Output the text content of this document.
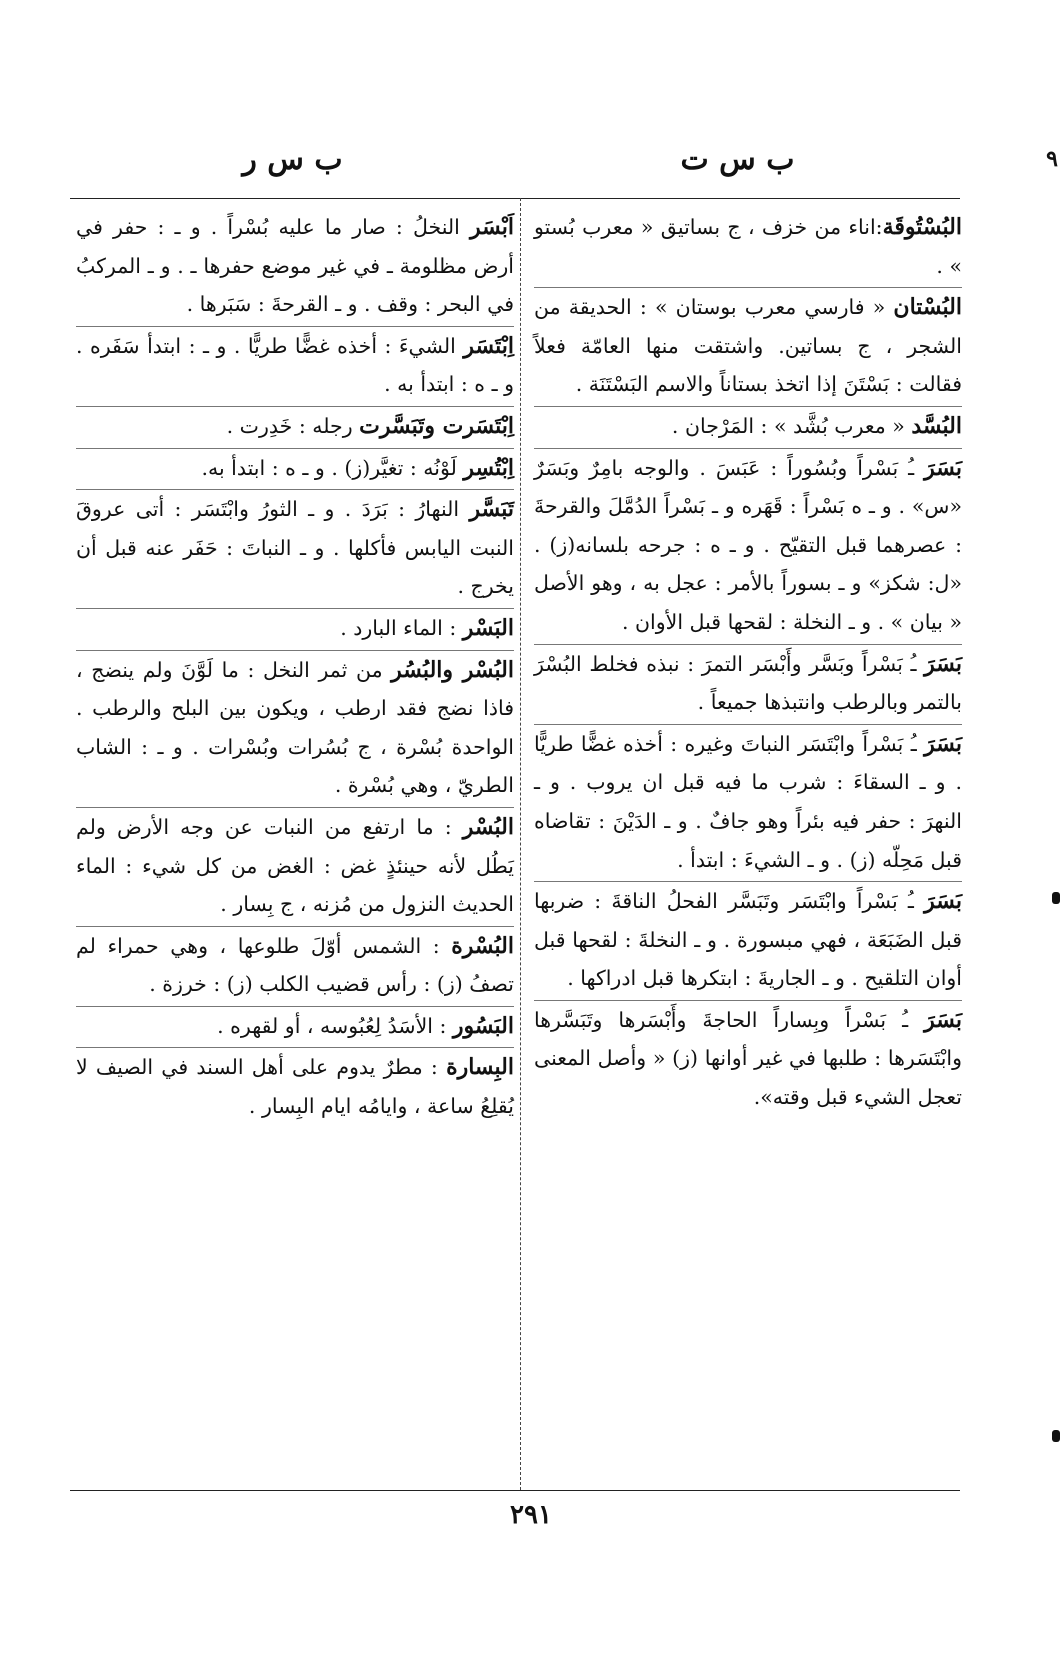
٩
ب س ت
ب س ر

البُسْتُوقَة:اناء من خزف ، ج بساتيق « معرب بُستو » .

البُسْتان « فارسي معرب بوستان » : الحديقة من الشجر ، ج بساتين. واشتقت منها العامّة فعلاً فقالت : بَسْتَنَ إذا اتخذ بستاناً والاسم البَسْتَنَة .

البُسَّد « معرب بُشَّد » : المَرْجان .

بَسَرَ ـُ بَسْراً وبُسُوراً : عَبَسَ . والوجه بامِرٌ وبَسَرٌ «س» . و ـ ه بَسْراً : قَهَره و ـ بَسْراً الدُمَّلَ والقرحةَ : عصرهما قبل التقيّح . و ـ ه : جرحه بلسانه(ز) . «ل: شكز» و ـ بسوراً بالأمر : عجل به ، وهو الأصل « بيان » . و ـ النخلة : لقحها قبل الأوان .

بَسَرَ ـُ بَسْراً وبَسَّر وأَبْسَر التمرَ : نبذه فخلط البُسْرَ بالتمر وبالرطب وانتبذها جميعاً .

بَسَرَ ـُ بَسْراً وابْتَسَر النباتَ وغيره : أخذه غضًّا طريًّا . و ـ السقاءَ : شرب ما فيه قبل ان يروب . و ـ النهرَ : حفر فيه بئراً وهو جافٌ . و ـ الدَيْنَ : تقاضاه قبل مَحِلّه (ز) . و ـ الشيءَ : ابتدأ .

بَسَرَ ـُ بَسْراً وابْتَسَر وتَبَسَّر الفحلُ الناقةَ : ضربها قبل الضَبَعَة ، فهي مبسورة . و ـ النخلةَ : لقحها قبل أوان التلقيح . و ـ الجاريةَ : ابتكرها قبل ادراكها .

بَسَرَ ـُ بَسْراً وبِساراً الحاجةَ وأَبْسَرها وتَبَسَّرها وابْتَسَرها : طلبها في غير أوانها (ز) « وأصل المعنى تعجل الشيء قبل وقته».

اَبْسَر النخلُ : صار ما عليه بُسْراً . و ـ : حفر في أرض مظلومة ـ في غير موضع حفرها ـ . و ـ المركبُ في البحر : وقف . و ـ القرحةَ : سَبَرها .

اِبْتَسَر الشيءَ : أخذه غضًّا طريًّا . و ـ : ابتدأ سَفَره . و ـ ه : ابتدأ به .

اِبْتَسَرت وتَبَسَّرت رجله : خَدِرت .

اِبْتُسِر لَوْنُه : تغيَّر(ز) . و ـ ه : ابتدأ به.

تَبَسَّر النهارُ : بَرَدَ . و ـ الثورُ وابْتَسَر : أتى عروقَ النبت اليابس فأكلها . و ـ النباتَ : حَفَر عنه قبل أن يخرج .

البَسْر : الماء البارد .

البُسْر والبُسُر من ثمر النخل : ما لَوَّنَ ولم ينضج ، فاذا نضج فقد ارطب ، ويكون بين البلح والرطب . الواحدة بُسْرة ، ج بُسُرات وبُسْرات . و ـ : الشاب الطريّ ، وهي بُسْرة .

البُسْر : ما ارتفع من النبات عن وجه الأرض ولم يَطُل لأنه حينئذٍ غض : الغض من كل شيء : الماء الحديث النزول من مُزنه ، ج بِسار .

البُسْرة : الشمس أوّلَ طلوعها ، وهي حمراء لم تصفُ (ز) : رأس قضيب الكلب (ز) : خرزة .

البَسُور : الأسَدُ لِعُبُوسه ، أو لقهره .

البِسارة : مطرٌ يدوم على أهل السند في الصيف لا يُقلِعُ ساعة ، وايامُه ايام البِسار .

٢٩١
